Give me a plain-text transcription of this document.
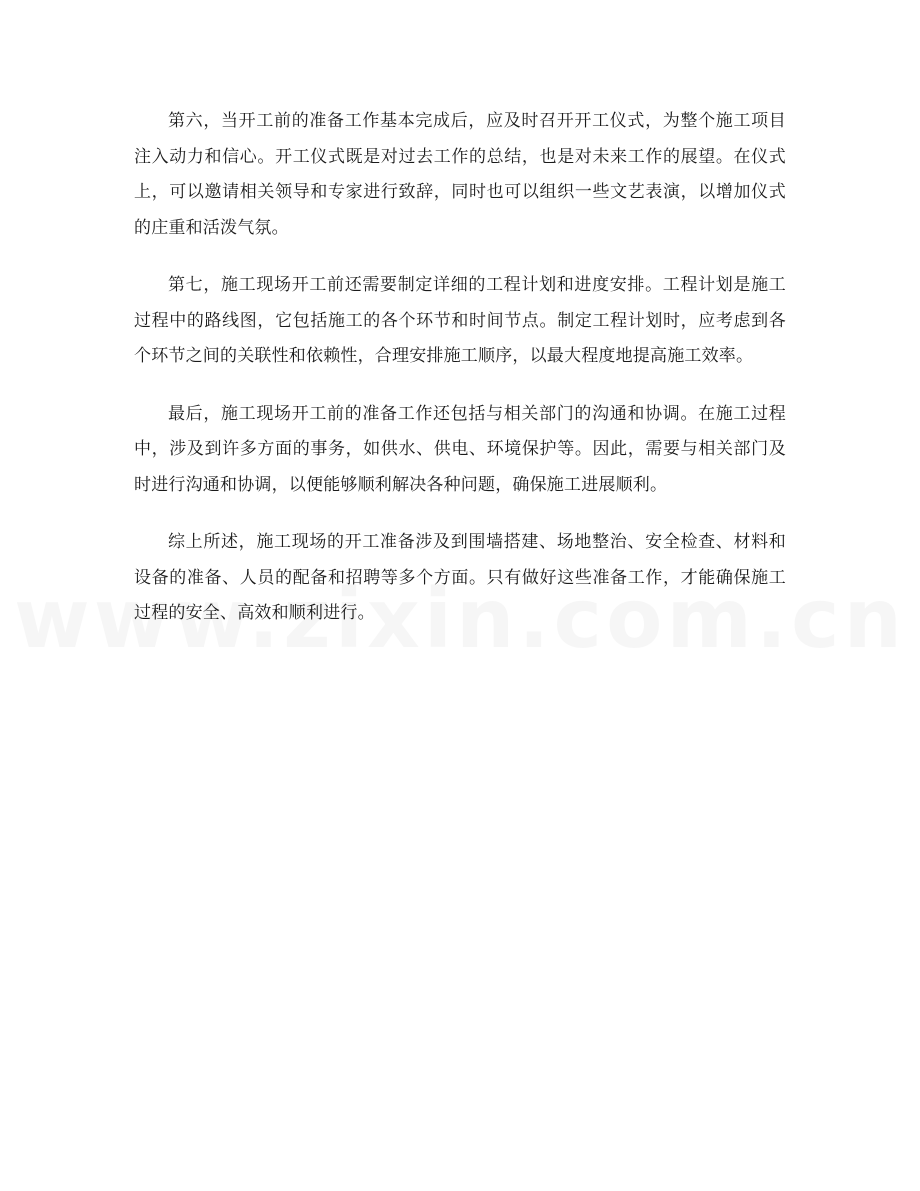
第六，当开工前的准备工作基本完成后，应及时召开开工仪式，为整个施工项目注入动力和信心。开工仪式既是对过去工作的总结，也是对未来工作的展望。在仪式上，可以邀请相关领导和专家进行致辞，同时也可以组织一些文艺表演，以增加仪式的庄重和活泼气氛。

第七，施工现场开工前还需要制定详细的工程计划和进度安排。工程计划是施工过程中的路线图，它包括施工的各个环节和时间节点。制定工程计划时，应考虑到各个环节之间的关联性和依赖性，合理安排施工顺序，以最大程度地提高施工效率。

最后，施工现场开工前的准备工作还包括与相关部门的沟通和协调。在施工过程中，涉及到许多方面的事务，如供水、供电、环境保护等。因此，需要与相关部门及时进行沟通和协调，以便能够顺利解决各种问题，确保施工进展顺利。

综上所述，施工现场的开工准备涉及到围墙搭建、场地整治、安全检查、材料和设备的准备、人员的配备和招聘等多个方面。只有做好这些准备工作，才能确保施工过程的安全、高效和顺利进行。
